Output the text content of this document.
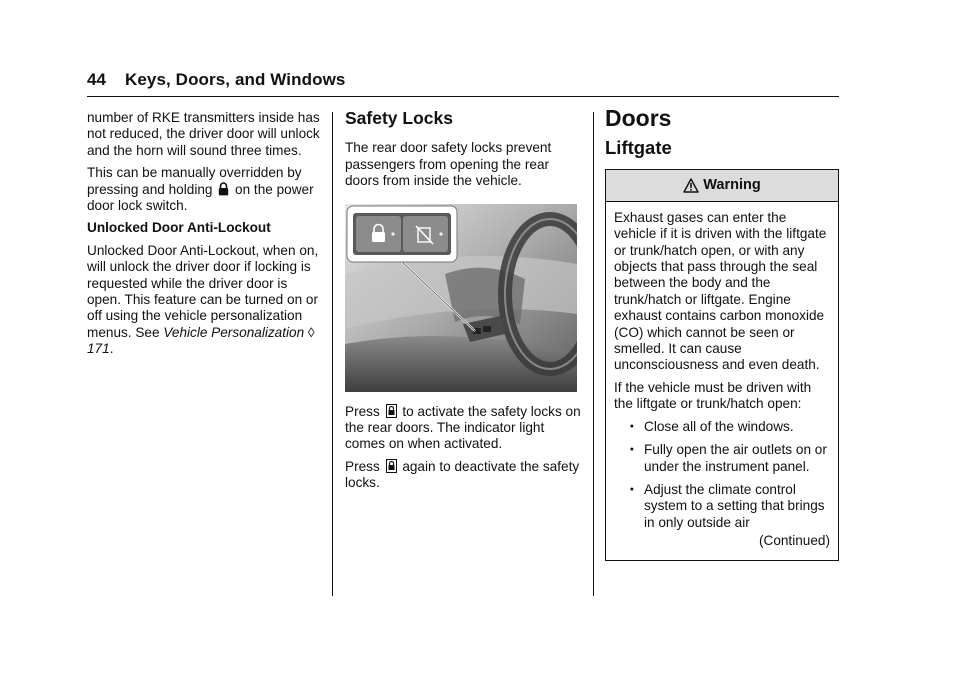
44 Keys, Doors, and Windows

number of RKE transmitters inside has not reduced, the driver door will unlock and the horn will sound three times.

This can be manually overridden by pressing and holding on the power door lock switch.

Unlocked Door Anti-Lockout

Unlocked Door Anti-Lockout, when on, will unlock the driver door if locking is requested while the driver door is open. This feature can be turned on or off using the vehicle personalization menus. See Vehicle Personalization ◊ 171.

Safety Locks

The rear door safety locks prevent passengers from opening the rear doors from inside the vehicle.

Press to activate the safety locks on the rear doors. The indicator light comes on when activated.

Press again to deactivate the safety locks.

Doors
Liftgate
Warning

Exhaust gases can enter the vehicle if it is driven with the liftgate or trunk/hatch open, or with any objects that pass through the seal between the body and the trunk/hatch or liftgate. Engine exhaust contains carbon monoxide (CO) which cannot be seen or smelled. It can cause unconsciousness and even death.

If the vehicle must be driven with the liftgate or trunk/hatch open:

● Close all of the windows.
● Fully open the air outlets on or under the instrument panel.
● Adjust the climate control system to a setting that brings in only outside air

(Continued)
